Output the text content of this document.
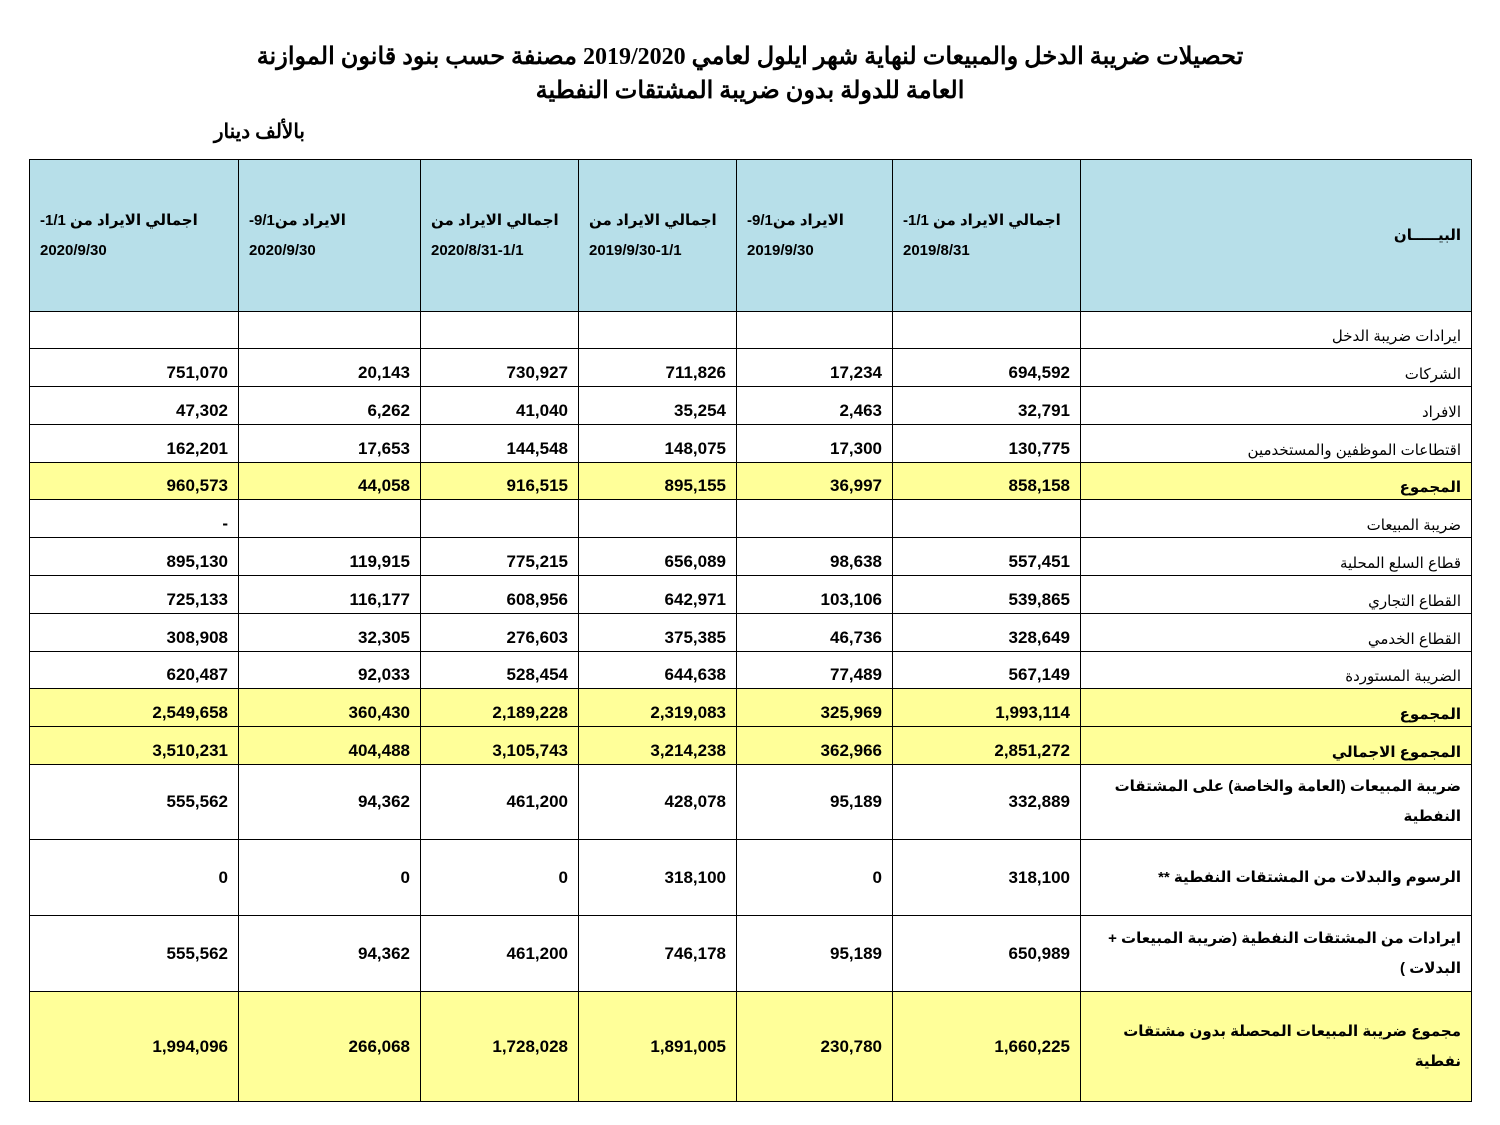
تحصيلات ضريبة الدخل والمبيعات لنهاية شهر ايلول لعامي 2019/2020 مصنفة حسب بنود قانون الموازنة
العامة للدولة بدون ضريبة المشتقات النفطية
بالألف دينار
اجمالي الايراد من 1/1-2020/9/30	الايراد من9/1-2020/9/30	اجمالي الايراد من 1/1-2020/8/31	اجمالي الايراد من 1/1-2019/9/30	الايراد من9/1-2019/9/30	اجمالي الايراد من 1/1-2019/8/31	البيـــــان
						ايرادات ضريبة الدخل
751,070	20,143	730,927	711,826	17,234	694,592	الشركات
47,302	6,262	41,040	35,254	2,463	32,791	الافراد
162,201	17,653	144,548	148,075	17,300	130,775	اقتطاعات الموظفين والمستخدمين
960,573	44,058	916,515	895,155	36,997	858,158	المجموع
-						ضريبة المبيعات
895,130	119,915	775,215	656,089	98,638	557,451	قطاع السلع المحلية
725,133	116,177	608,956	642,971	103,106	539,865	القطاع التجاري
308,908	32,305	276,603	375,385	46,736	328,649	القطاع الخدمي
620,487	92,033	528,454	644,638	77,489	567,149	الضريبة المستوردة
2,549,658	360,430	2,189,228	2,319,083	325,969	1,993,114	المجموع
3,510,231	404,488	3,105,743	3,214,238	362,966	2,851,272	المجموع الاجمالي
555,562	94,362	461,200	428,078	95,189	332,889	ضريبة المبيعات (العامة والخاصة) على المشتقات النفطية
0	0	0	318,100	0	318,100	الرسوم والبدلات من المشتقات النفطية **
555,562	94,362	461,200	746,178	95,189	650,989	ايرادات من المشتقات النفطية (ضريبة المبيعات + البدلات )
1,994,096	266,068	1,728,028	1,891,005	230,780	1,660,225	مجموع ضريبة المبيعات المحصلة بدون مشتقات نفطية
